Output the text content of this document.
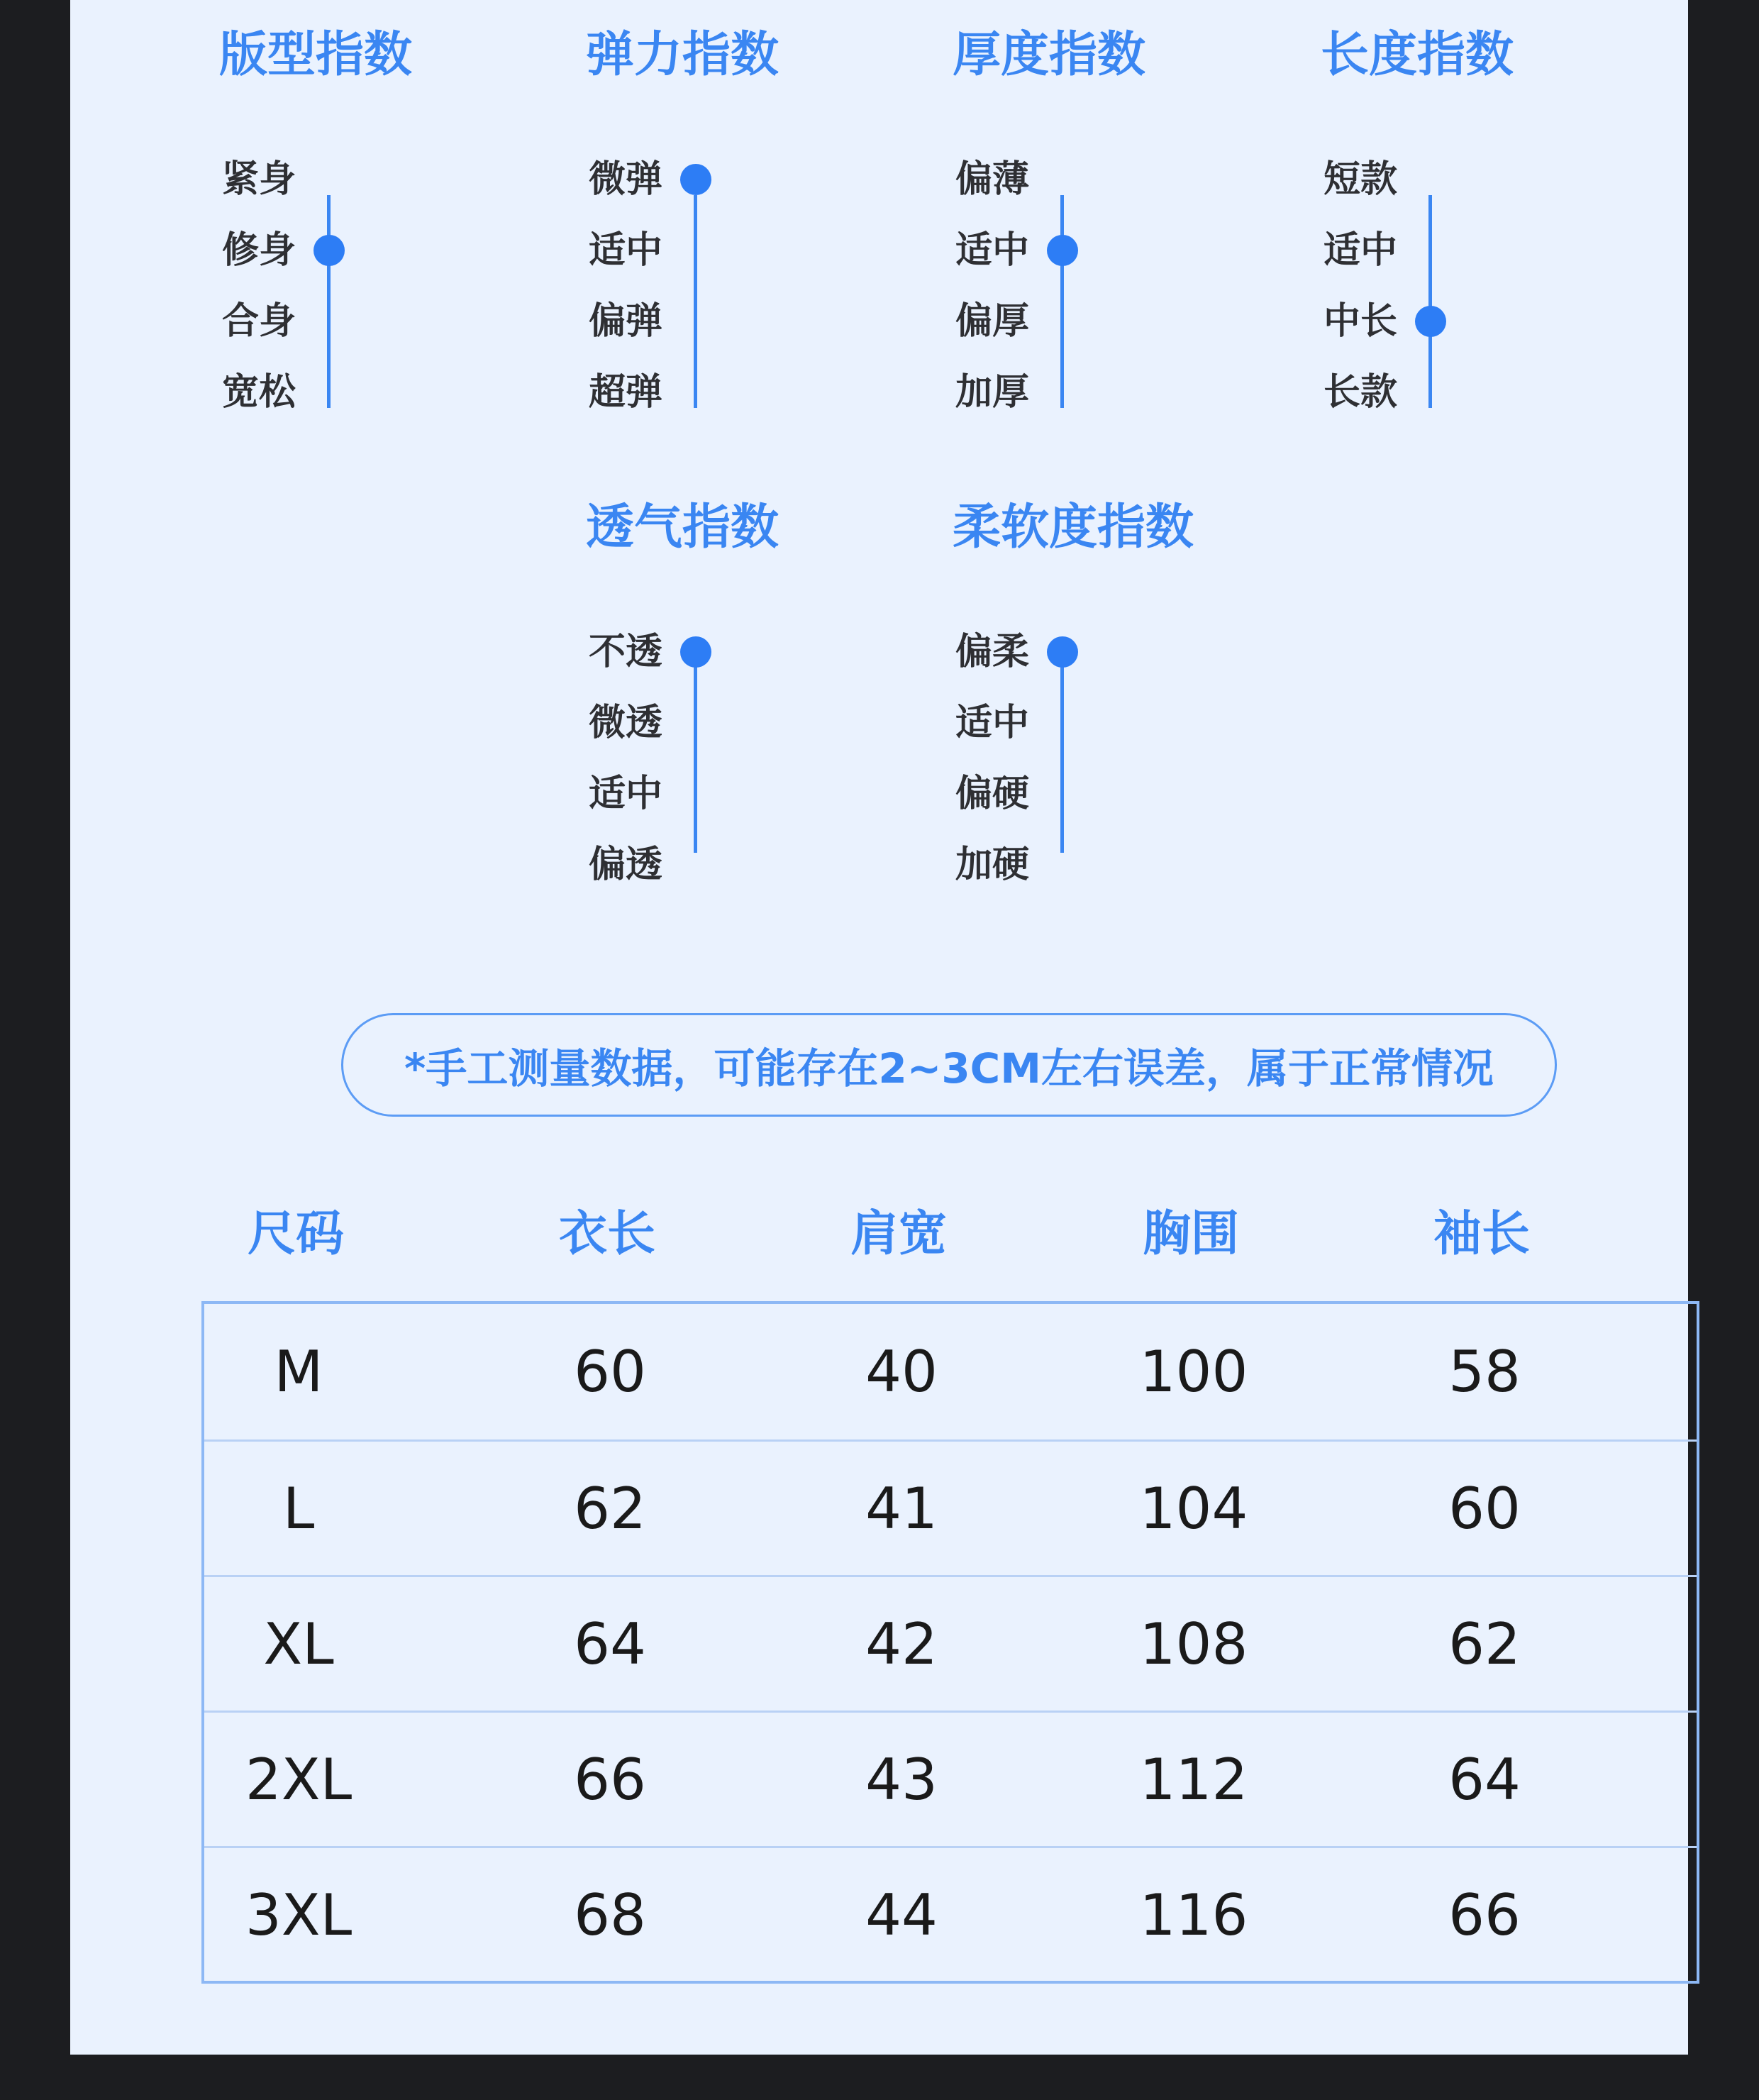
版型指数
紧身
修身
合身
宽松
弹力指数
微弹
适中
偏弹
超弹
厚度指数
偏薄
适中
偏厚
加厚
长度指数
短款
适中
中长
长款
透气指数
不透
微透
适中
偏透
柔软度指数
偏柔
适中
偏硬
加硬
*手工测量数据，可能存在2~3CM左右误差，属于正常情况
尺码	衣长	肩宽	胸围	袖长
M	60	40	100	58
L	62	41	104	60
XL	64	42	108	62
2XL	66	43	112	64
3XL	68	44	116	66
